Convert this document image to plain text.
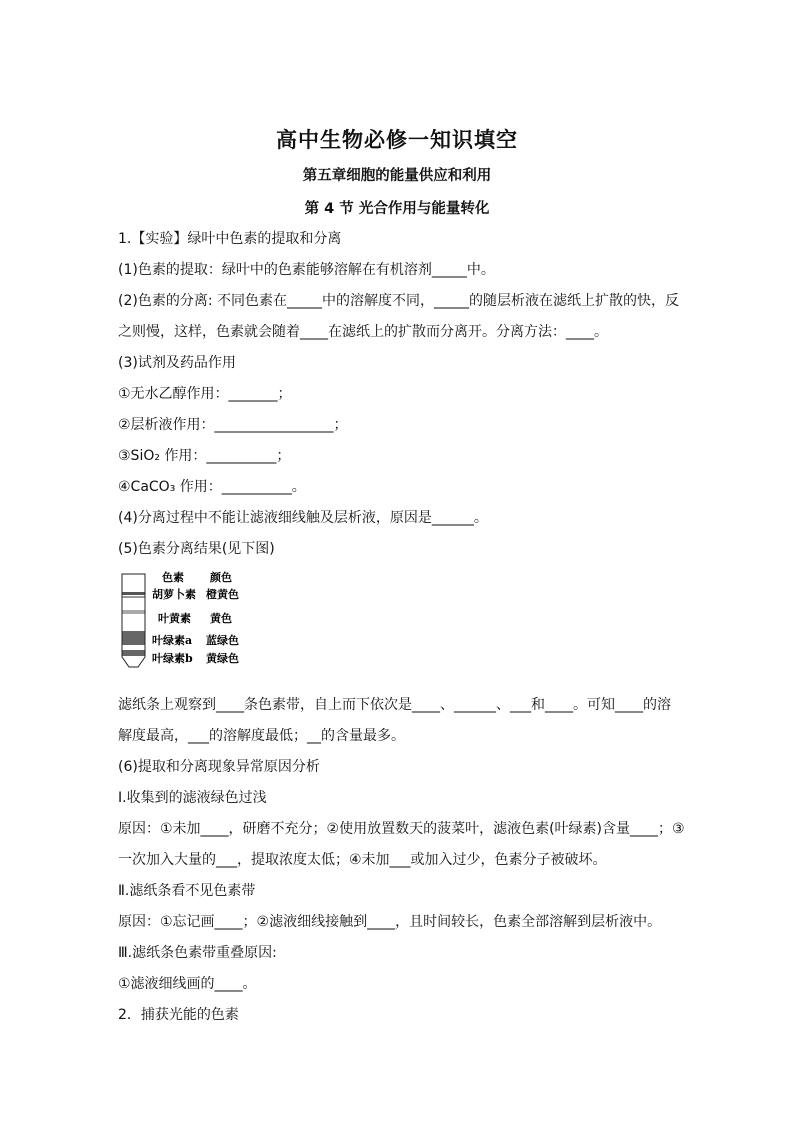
高中生物必修一知识填空
第五章细胞的能量供应和利用
第 4 节 光合作用与能量转化
1.【实验】绿叶中色素的提取和分离
(1)色素的提取：绿叶中的色素能够溶解在有机溶剂_____中。
(2)色素的分离: 不同色素在_____中的溶解度不同，_____的随层析液在滤纸上扩散的快，反
之则慢，这样，色素就会随着____在滤纸上的扩散而分离开。分离方法：____。
(3)试剂及药品作用
①无水乙醇作用：_______；
②层析液作用：_________________；
③SiO₂ 作用：__________；
④CaCO₃ 作用：__________。
(4)分离过程中不能让滤液细线触及层析液，原因是______。
(5)色素分离结果(见下图)
色素 颜色
胡萝卜素 橙黄色
叶黄素 黄色
叶绿素a 蓝绿色
叶绿素b 黄绿色
滤纸条上观察到____条色素带，自上而下依次是____、______、___和____。可知____的溶
解度最高，___的溶解度最低；__的含量最多。
(6)提取和分离现象异常原因分析
Ⅰ.收集到的滤液绿色过浅
原因：①未加____，研磨不充分；②使用放置数天的菠菜叶，滤液色素(叶绿素)含量____；③
一次加入大量的___，提取浓度太低；④未加___或加入过少，色素分子被破坏。
Ⅱ.滤纸条看不见色素带
原因：①忘记画____；②滤液细线接触到____，且时间较长，色素全部溶解到层析液中。
Ⅲ.滤纸条色素带重叠原因:
①滤液细线画的____。
2．捕获光能的色素
